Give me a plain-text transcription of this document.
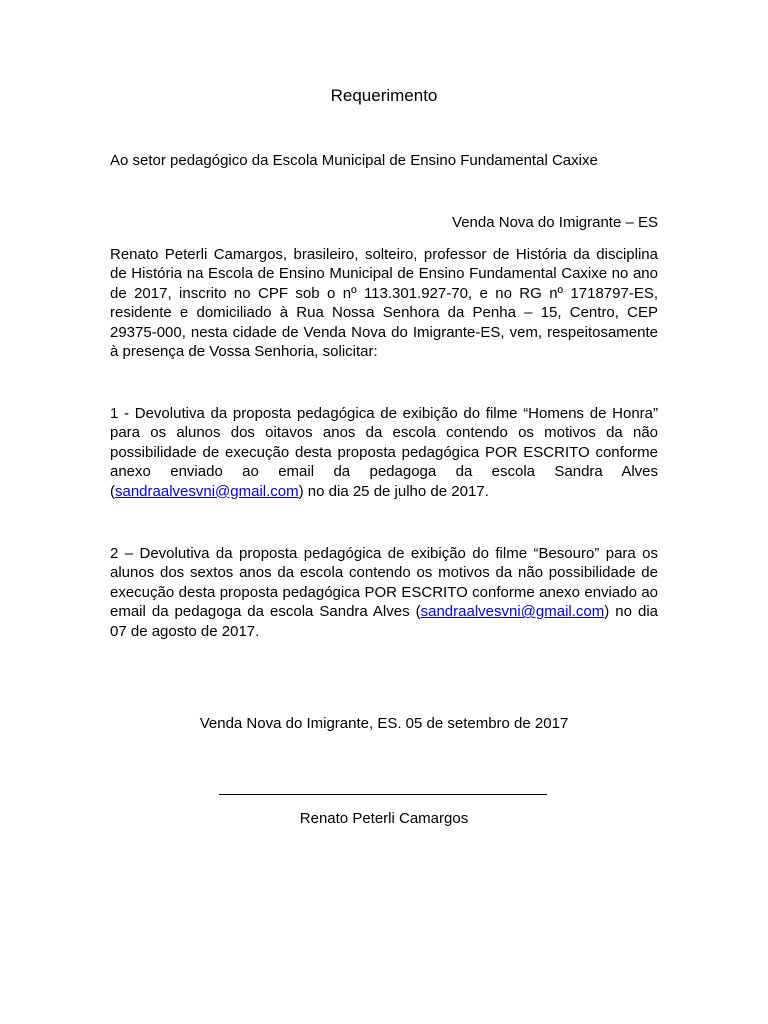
Requerimento
Ao setor pedagógico da Escola Municipal de Ensino Fundamental Caxixe
Venda Nova do Imigrante – ES
Renato Peterli Camargos, brasileiro, solteiro, professor de História da disciplina de História na Escola de Ensino Municipal de Ensino Fundamental Caxixe no ano de 2017, inscrito no CPF sob o nº 113.301.927-70, e no RG nº 1718797-ES, residente e domiciliado à Rua Nossa Senhora da Penha – 15, Centro, CEP 29375-000, nesta cidade de Venda Nova do Imigrante-ES, vem, respeitosamente à presença de Vossa Senhoria, solicitar:
1 - Devolutiva da proposta pedagógica de exibição do filme “Homens de Honra” para os alunos dos oitavos anos da escola contendo os motivos da não possibilidade de execução desta proposta pedagógica POR ESCRITO conforme anexo enviado ao email da pedagoga da escola Sandra Alves (sandraalvesvni@gmail.com) no dia 25 de julho de 2017.
2 – Devolutiva da proposta pedagógica de exibição do filme “Besouro” para os alunos dos sextos anos da escola contendo os motivos da não possibilidade de execução desta proposta pedagógica POR ESCRITO conforme anexo enviado ao email da pedagoga da escola Sandra Alves (sandraalvesvni@gmail.com) no dia 07 de agosto de 2017.
Venda Nova do Imigrante, ES. 05 de setembro de 2017
Renato Peterli Camargos
